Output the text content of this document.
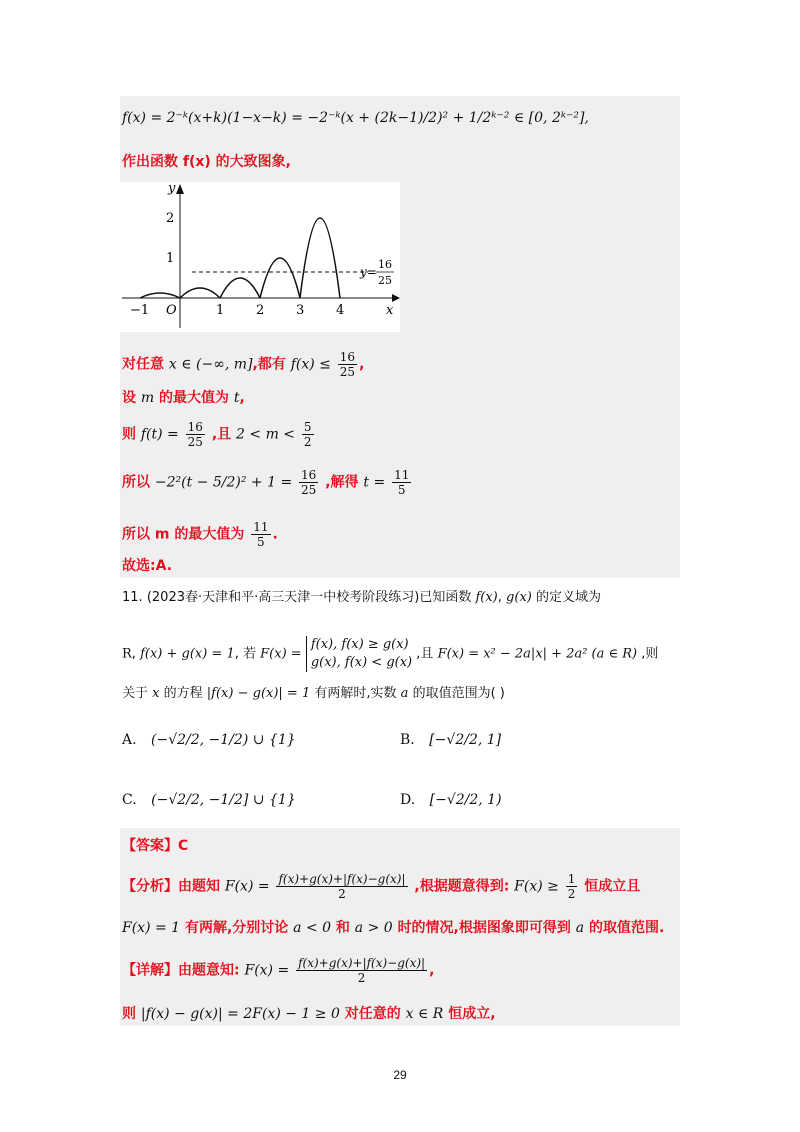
f(x) = 2⁻ᵏ(x+k)(1−x−k) = −2⁻ᵏ(x + (2k−1)/2)² + 1/2ᵏ⁻² ∈ [0, 2ᵏ⁻²],
作出函数 f(x) 的大致图象,
y
x
O
−1	1 2 3 4
1
2
y=
16
25
对任意 x ∈ (−∞, m],都有 $f(x) \le \frac{16}{25}$ ,
设 m 的最大值为 t,
则 $f(t) = \frac{16}{25}$ ,且 $2 < m < \frac{5}{2}$
所以 $-2^2(t - 5/2)^2 + 1 = \frac{16}{25}$ ,解得 $t = \frac{11}{5}$
所以 m 的最大值为 $\frac{11}{5}$ .
故选:A.
11. (2023春·天津和平·高三天津一中校考阶段练习)已知函数 f(x), g(x) 的定义域为
R, f(x) + g(x) = 1, 若 F(x) =
f(x), f(x) ≥ g(x)
g(x), f(x) < g(x)
,且 F(x) = x² − 2a|x| + 2a² (a ∈ R) ,则
关于 x 的方程 |f(x) − g(x)| = 1 有两解时,实数 a 的取值范围为( )
A. (−√2/2, −1/2) ∪ {1}	B. [−√2/2, 1]
C. (−√2/2, −1/2] ∪ {1}	D. [−√2/2, 1)
【答案】C
【分析】由题知 $F(x) = \frac{f(x)+g(x)+|f(x)-g(x)|}{2}$ ,根据题意得到: $F(x) \ge \frac{1}{2}$ 恒成立且
F(x) = 1 有两解,分别讨论 a < 0 和 a > 0 时的情况,根据图象即可得到 a 的取值范围.
【详解】由题意知: $F(x) = \frac{f(x)+g(x)+|f(x)-g(x)|}{2}$ ,
则 |f(x) − g(x)| = 2F(x) − 1 ≥ 0 对任意的 x ∈ R 恒成立,
29
